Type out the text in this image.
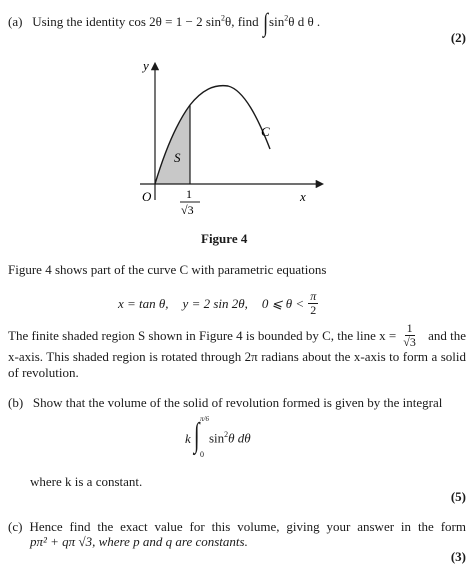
(a) Using the identity cos 2θ = 1 − 2 $\sin^2\theta$, find $\int\sin^2\theta$ d θ .
(2)
y
x
O
S
C
1
√3
Figure 4
Figure 4 shows part of the curve C with parametric equations
x = tan θ, y = 2 sin 2θ, 0 ⩽ $\theta < \frac{\pi}{2}$
The finite shaded region S shown in Figure 4 is bounded by C, the line $x = \frac{1}{√3}$ and the
x-axis. This shaded region is rotated through 2π radians about the x-axis to form a solid
of revolution.
(b) Show that the volume of the solid of revolution formed is given by the integral
k ∫ π/6
0
$\sin^2\theta$ dθ
where k is a constant.
(5)
(c) Hence find the exact value for this volume, giving your answer in the form
pπ² + qπ √3, where p and q are constants.
(3)
